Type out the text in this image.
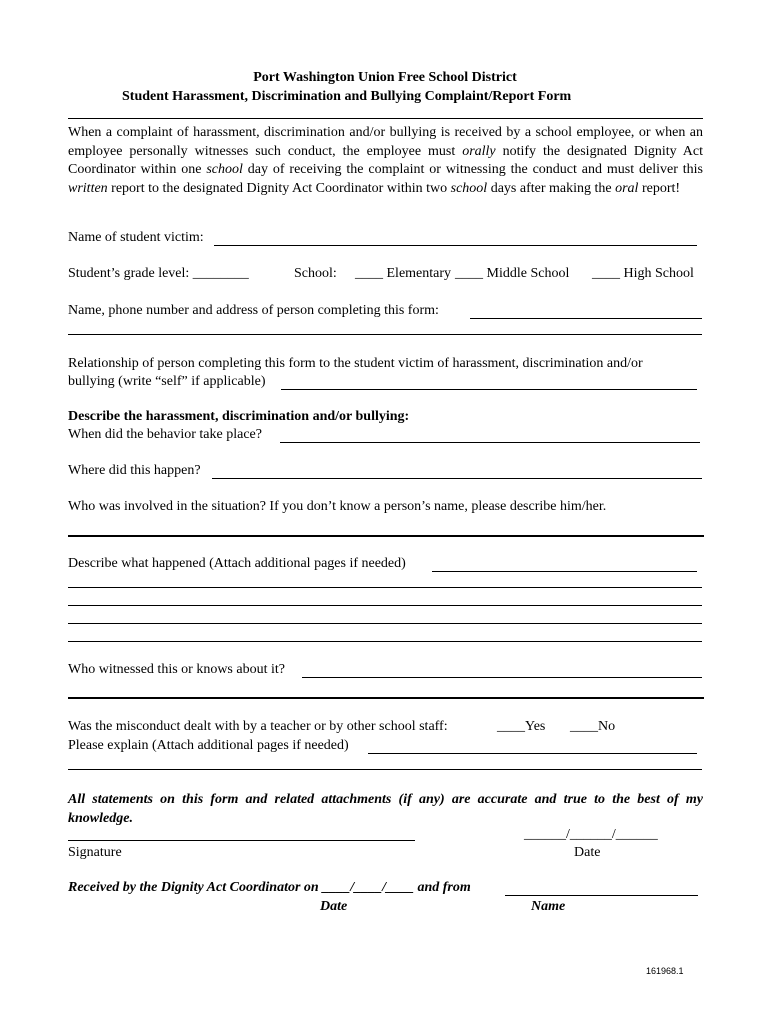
Port Washington Union Free School District
Student Harassment, Discrimination and Bullying Complaint/Report Form
When a complaint of harassment, discrimination and/or bullying is received by a school employee, or when an employee personally witnesses such conduct, the employee must orally notify the designated Dignity Act Coordinator within one school day of receiving the complaint or witnessing the conduct and must deliver this written report to the designated Dignity Act Coordinator within two school days after making the oral report!
Name of student victim:
Student’s grade level: ________	School: ____ Elementary ____ Middle School ____ High School
Name, phone number and address of person completing this form:
Relationship of person completing this form to the student victim of harassment, discrimination and/or
bullying (write “self” if applicable)
Describe the harassment, discrimination and/or bullying:
When did the behavior take place?
Where did this happen?
Who was involved in the situation? If you don’t know a person’s name, please describe him/her.
Describe what happened (Attach additional pages if needed)
Who witnessed this or knows about it?
Was the misconduct dealt with by a teacher or by other school staff:	____Yes ____No
Please explain (Attach additional pages if needed)
All statements on this form and related attachments (if any) are accurate and true to the best of my knowledge.
______/______/______
Signature	Date
Received by the Dignity Act Coordinator on ____/____/____ and from
Date	Name
161968.1
